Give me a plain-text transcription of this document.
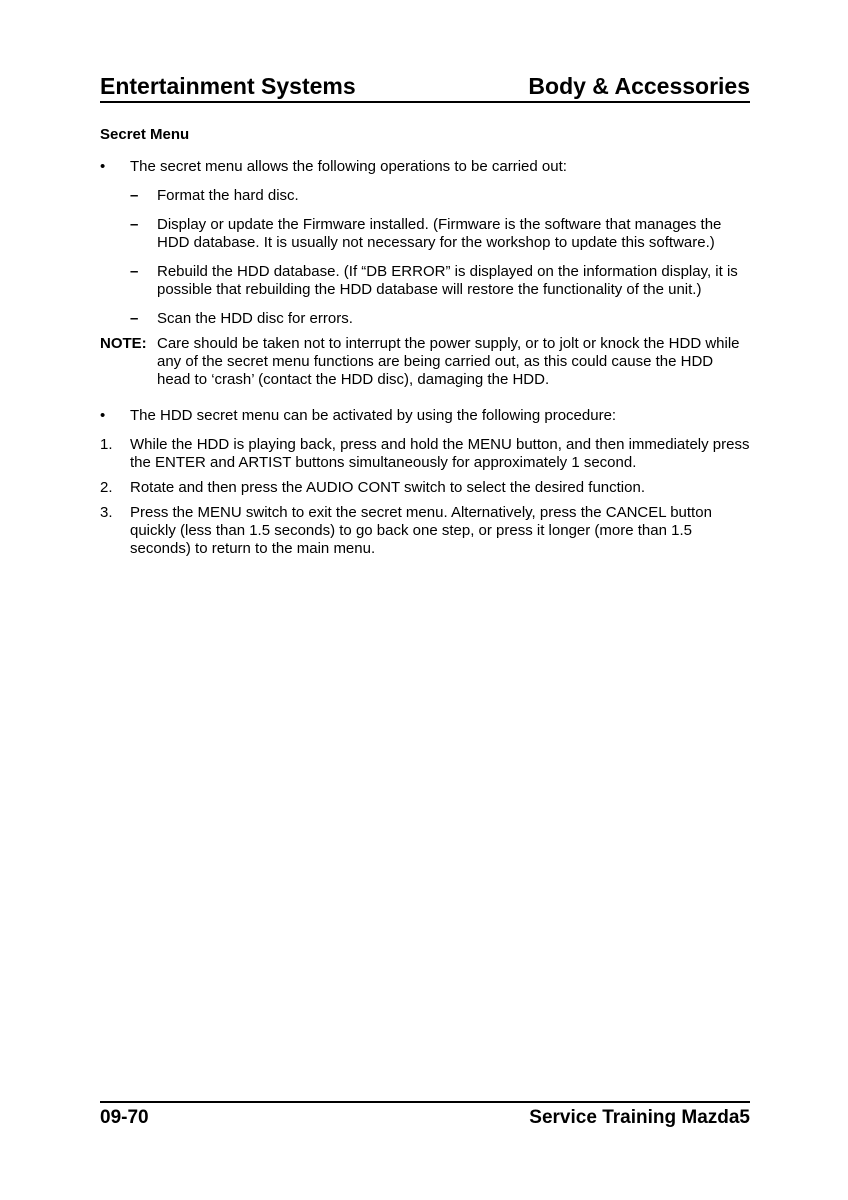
Entertainment Systems	Body & Accessories
Secret Menu
• The secret menu allows the following operations to be carried out:
– Format the hard disc.
– Display or update the Firmware installed. (Firmware is the software that manages the HDD database. It is usually not necessary for the workshop to update this software.)
– Rebuild the HDD database. (If “DB ERROR” is displayed on the information display, it is possible that rebuilding the HDD database will restore the functionality of the unit.)
– Scan the HDD disc for errors.
NOTE: Care should be taken not to interrupt the power supply, or to jolt or knock the HDD while any of the secret menu functions are being carried out, as this could cause the HDD head to ‘crash’ (contact the HDD disc), damaging the HDD.
• The HDD secret menu can be activated by using the following procedure:
1. While the HDD is playing back, press and hold the MENU button, and then immediately press the ENTER and ARTIST buttons simultaneously for approximately 1 second.
2. Rotate and then press the AUDIO CONT switch to select the desired function.
3. Press the MENU switch to exit the secret menu. Alternatively, press the CANCEL button quickly (less than 1.5 seconds) to go back one step, or press it longer (more than 1.5 seconds) to return to the main menu.
09-70	Service Training Mazda5
